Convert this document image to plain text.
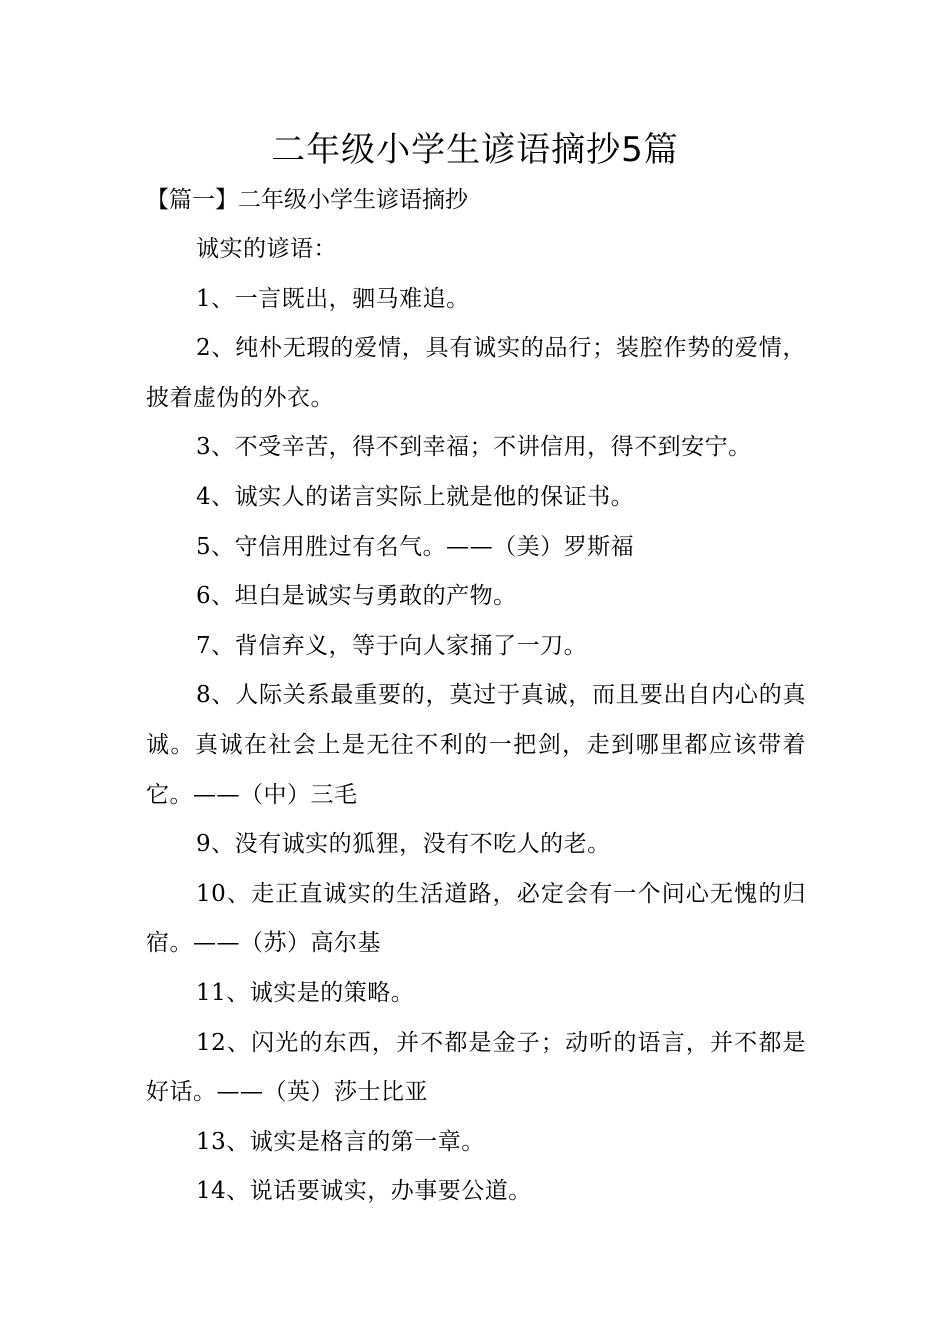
二年级小学生谚语摘抄5篇
【篇一】二年级小学生谚语摘抄

诚实的谚语：

1、一言既出，驷马难追。

2、纯朴无瑕的爱情，具有诚实的品行；装腔作势的爱情，披着虚伪的外衣。

3、不受辛苦，得不到幸福；不讲信用，得不到安宁。

4、诚实人的诺言实际上就是他的保证书。

5、守信用胜过有名气。——（美）罗斯福

6、坦白是诚实与勇敢的产物。

7、背信弃义，等于向人家捅了一刀。

8、人际关系最重要的，莫过于真诚，而且要出自内心的真诚。真诚在社会上是无往不利的一把剑，走到哪里都应该带着它。——（中）三毛

9、没有诚实的狐狸，没有不吃人的老。

10、走正直诚实的生活道路，必定会有一个问心无愧的归宿。——（苏）高尔基

11、诚实是的策略。

12、闪光的东西，并不都是金子；动听的语言，并不都是好话。——（英）莎士比亚

13、诚实是格言的第一章。

14、说话要诚实，办事要公道。
